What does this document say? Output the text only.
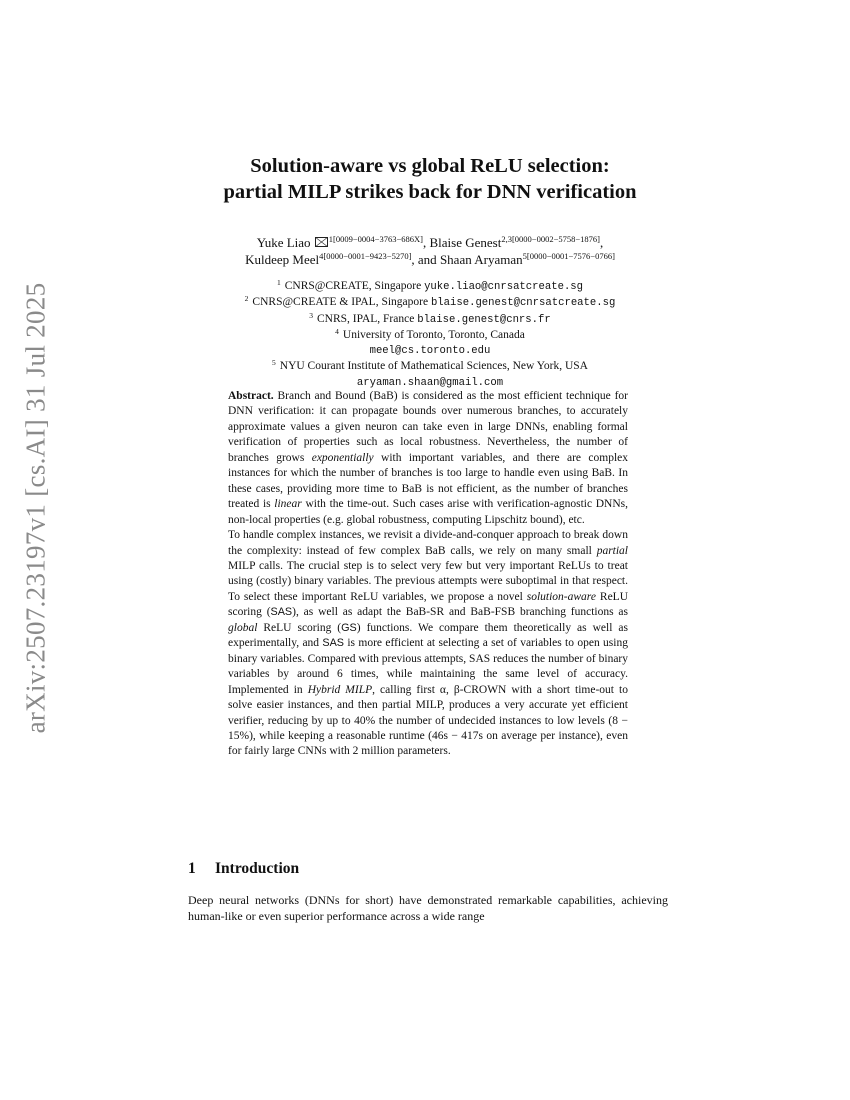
arXiv:2507.23197v1 [cs.AI] 31 Jul 2025
Solution-aware vs global ReLU selection:
partial MILP strikes back for DNN verification
Yuke Liao $^{1[0009-0004-3763-686X]}$, Blaise Genest$^{2,3[0000-0002-5758-1876]}$,
Kuldeep Meel$^{4[0000-0001-9423-5270]}$, and Shaan Aryaman$^{5[0000-0001-7576-0766]}$
$^1$ CNRS@CREATE, Singapore yuke.liao@cnrsatcreate.sg
$^2$ CNRS@CREATE & IPAL, Singapore blaise.genest@cnrsatcreate.sg
$^3$ CNRS, IPAL, France blaise.genest@cnrs.fr
$^4$ University of Toronto, Toronto, Canada
meel@cs.toronto.edu
$^5$ NYU Courant Institute of Mathematical Sciences, New York, USA
aryaman.shaan@gmail.com

Abstract. Branch and Bound (BaB) is considered as the most efficient technique for DNN verification: it can propagate bounds over numerous branches, to accurately approximate values a given neuron can take even in large DNNs, enabling formal verification of properties such as local robustness. Nevertheless, the number of branches grows exponentially with important variables, and there are complex instances for which the number of branches is too large to handle even using BaB. In these cases, providing more time to BaB is not efficient, as the number of branches treated is linear with the time-out. Such cases arise with verification-agnostic DNNs, non-local properties (e.g. global robustness, computing Lipschitz bound), etc.

To handle complex instances, we revisit a divide-and-conquer approach to break down the complexity: instead of few complex BaB calls, we rely on many small partial MILP calls. The crucial step is to select very few but very important ReLUs to treat using (costly) binary variables. The previous attempts were suboptimal in that respect. To select these important ReLU variables, we propose a novel solution-aware ReLU scoring (SAS), as well as adapt the BaB-SR and BaB-FSB branching functions as global ReLU scoring (GS) functions. We compare them theoretically as well as experimentally, and SAS is more efficient at selecting a set of variables to open using binary variables. Compared with previous attempts, SAS reduces the number of binary variables by around 6 times, while maintaining the same level of accuracy. Implemented in Hybrid MILP, calling first α, β-CROWN with a short time-out to solve easier instances, and then partial MILP, produces a very accurate yet efficient verifier, reducing by up to 40% the number of undecided instances to low levels (8 − 15%), while keeping a reasonable runtime (46s − 417s on average per instance), even for fairly large CNNs with 2 million parameters.

1 Introduction

Deep neural networks (DNNs for short) have demonstrated remarkable capabilities, achieving human-like or even superior performance across a wide range
